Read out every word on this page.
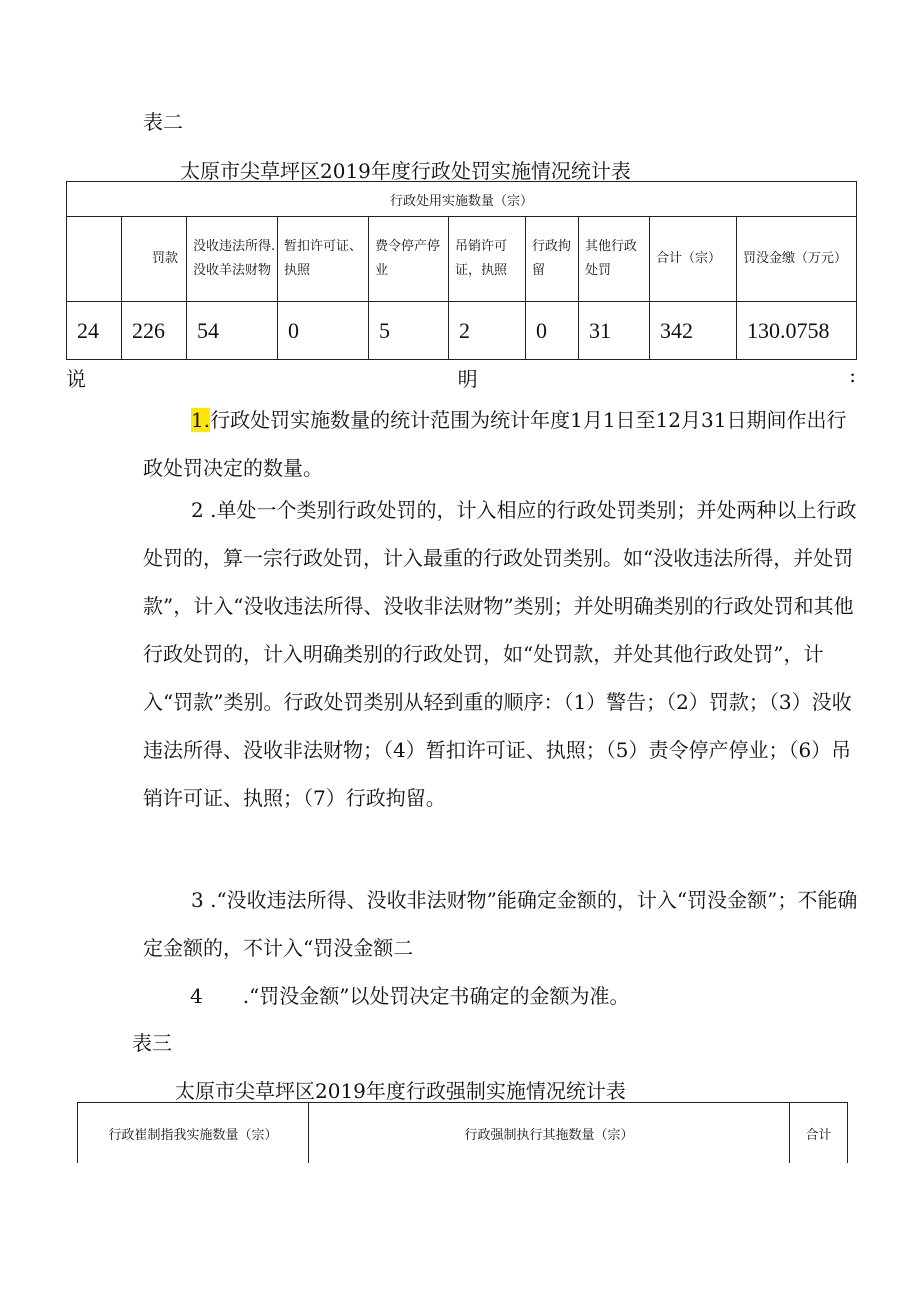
表二
太原市尖草坪区2019年度行政处罚实施情况统计表
行政处用实施数量（宗）									
	罚款	没收违法所得.没收羊法财物	暂扣许可证、执照	费令停产停业	吊销许可证，执照	行政拘留	其他行政处罚	合计（宗）	罚没金缴（万元）
24	226	54	0	5	2	0	31	342	130.0758
说	明	:
1.行政处罚实施数量的统计范围为统计年度1月1日至12月31日期间作出行政处罚决定的数量。
2 .单处一个类别行政处罚的，计入相应的行政处罚类别；并处两种以上行政处罚的，算一宗行政处罚，计入最重的行政处罚类别。如“没收违法所得，并处罚款”，计入“没收违法所得、没收非法财物”类别；并处明确类别的行政处罚和其他行政处罚的，计入明确类别的行政处罚，如“处罚款，并处其他行政处罚”，计入“罚款”类别。行政处罚类别从轻到重的顺序：（1）警告；（2）罚款；（3）没收违法所得、没收非法财物；（4）暂扣许可证、执照；（5）责令停产停业；（6）吊销许可证、执照；（7）行政拘留。
3 .“没收违法所得、没收非法财物”能确定金额的，计入“罚没金额”；不能确定金额的，不计入“罚没金额二
4　　.“罚没金额”以处罚决定书确定的金额为准。
表三
太原市尖草坪区2019年度行政强制实施情况统计表
行政崔制指我实施数量（宗）	行政强制执行其拖数量（宗）	合计
